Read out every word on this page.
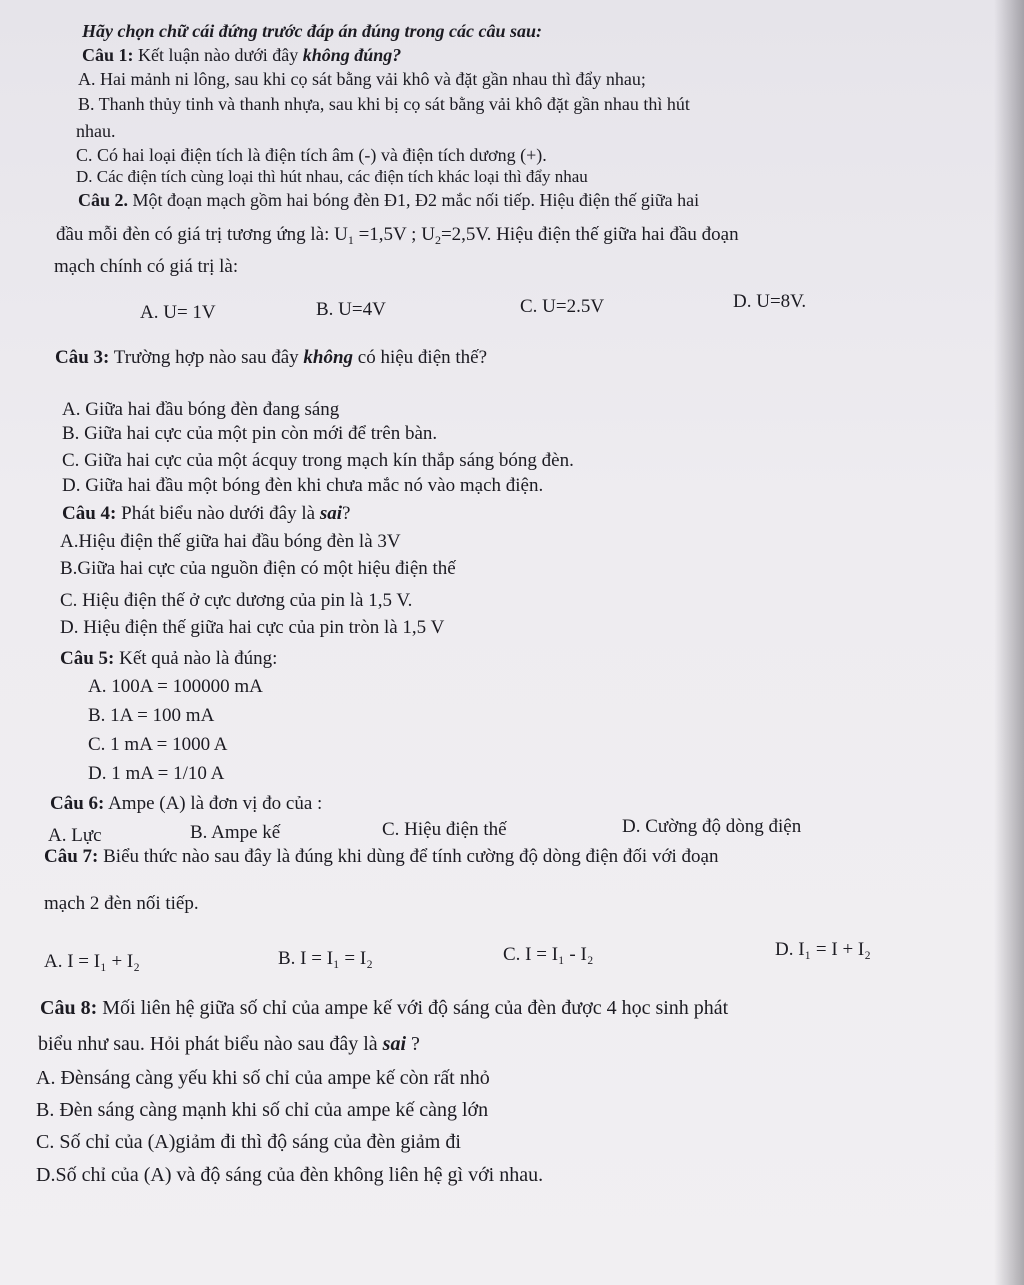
Hãy chọn chữ cái đứng trước đáp án đúng trong các câu sau:
Câu 1: Kết luận nào dưới đây không đúng?
A. Hai mảnh ni lông, sau khi cọ sát bằng vải khô và đặt gần nhau thì đẩy nhau;
B. Thanh thủy tinh và thanh nhựa, sau khi bị cọ sát bằng vải khô đặt gần nhau thì hút
nhau.
C. Có hai loại điện tích là điện tích âm (-) và điện tích dương (+).
D. Các điện tích cùng loại thì hút nhau, các điện tích khác loại thì đẩy nhau
Câu 2. Một đoạn mạch gồm hai bóng đèn Đ1, Đ2 mắc nối tiếp. Hiệu điện thế giữa hai
đầu mỗi đèn có giá trị tương ứng là: $U_1 =1,5V$ ; $U_2=2,5V$. Hiệu điện thế giữa hai đầu đoạn
mạch chính có giá trị là:
A. U= 1V	B. U=4V	C. U=2.5V	D. U=8V.
Câu 3: Trường hợp nào sau đây không có hiệu điện thế?
A. Giữa hai đầu bóng đèn đang sáng
B. Giữa hai cực của một pin còn mới để trên bàn.
C. Giữa hai cực của một ácquy trong mạch kín thắp sáng bóng đèn.
D. Giữa hai đầu một bóng đèn khi chưa mắc nó vào mạch điện.
Câu 4: Phát biểu nào dưới đây là sai?
A.Hiệu điện thế giữa hai đầu bóng đèn là 3V
B.Giữa hai cực của nguồn điện có một hiệu điện thế
C. Hiệu điện thế ở cực dương của pin là 1,5 V.
D. Hiệu điện thế giữa hai cực của pin tròn là 1,5 V
Câu 5: Kết quả nào là đúng:
A. 100A = 100000 mA
B. 1A = 100 mA
C. 1 mA = 1000 A
D. 1 mA = 1/10 A
Câu 6: Ampe (A) là đơn vị đo của :
A. Lực	B. Ampe kế	C. Hiệu điện thế	D. Cường độ dòng điện
Câu 7: Biểu thức nào sau đây là đúng khi dùng để tính cường độ dòng điện đối với đoạn
mạch 2 đèn nối tiếp.
A. I = I₁ + I₂	B. I = I₁ = I₂	C. I = I₁ - I₂	D. I₁ = I + I₂
Câu 8: Mối liên hệ giữa số chỉ của ampe kế với độ sáng của đèn được 4 học sinh phát
biểu như sau. Hỏi phát biểu nào sau đây là sai ?
A. Đènsáng càng yếu khi số chỉ của ampe kế còn rất nhỏ
B. Đèn sáng càng mạnh khi số chỉ của ampe kế càng lớn
C. Số chỉ của (A)giảm đi thì độ sáng của đèn giảm đi
D.Số chỉ của (A) và độ sáng của đèn không liên hệ gì với nhau.
